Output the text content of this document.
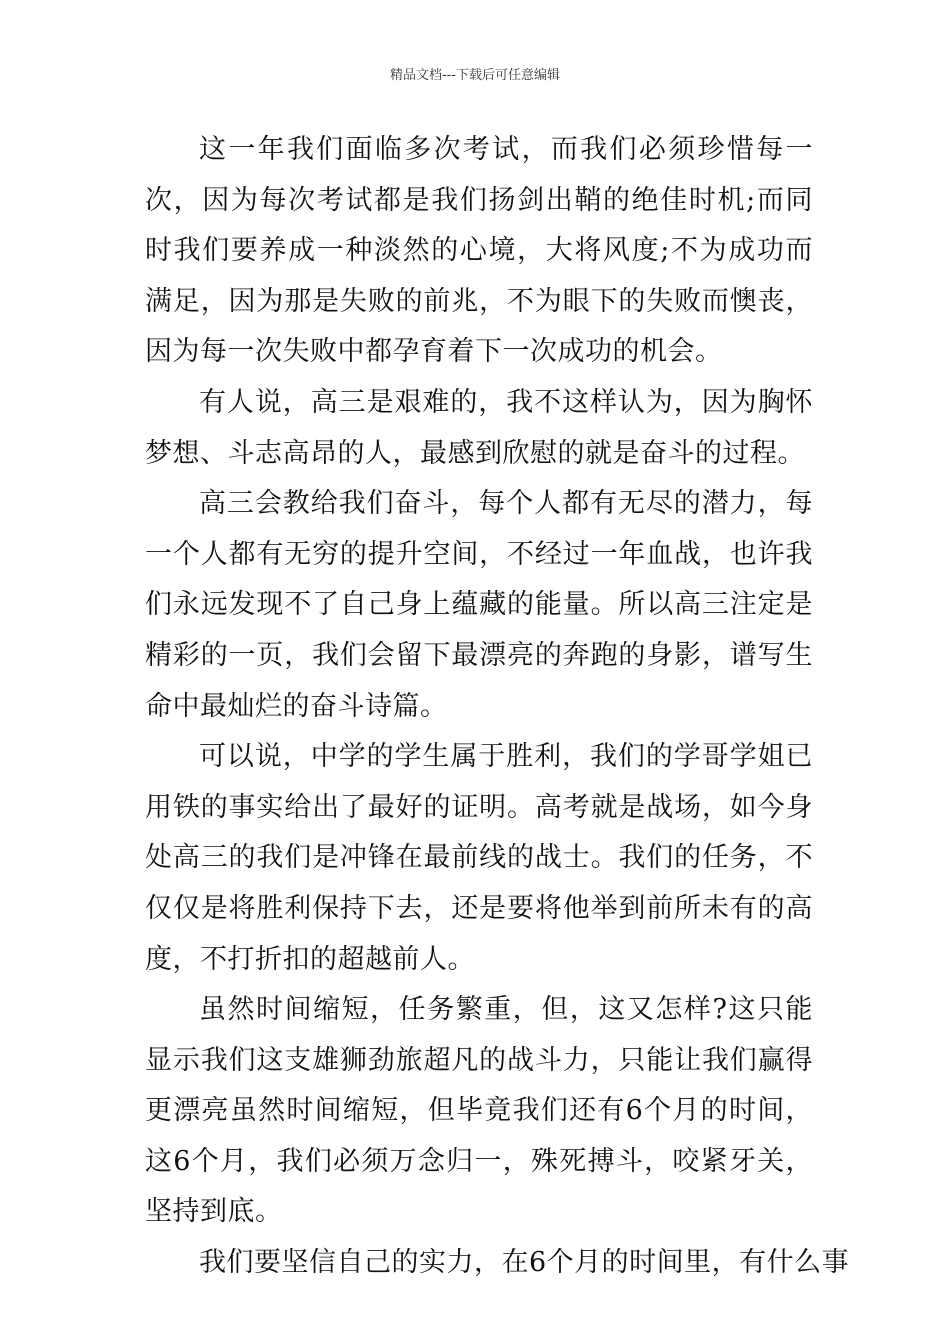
精品文档---下载后可任意编辑

这一年我们面临多次考试，而我们必须珍惜每一次，因为每次考试都是我们扬剑出鞘的绝佳时机;而同时我们要养成一种淡然的心境，大将风度;不为成功而满足，因为那是失败的前兆，不为眼下的失败而懊丧，因为每一次失败中都孕育着下一次成功的机会。

有人说，高三是艰难的，我不这样认为，因为胸怀梦想、斗志高昂的人，最感到欣慰的就是奋斗的过程。

高三会教给我们奋斗，每个人都有无尽的潜力，每一个人都有无穷的提升空间，不经过一年血战，也许我们永远发现不了自己身上蕴藏的能量。所以高三注定是精彩的一页，我们会留下最漂亮的奔跑的身影，谱写生命中最灿烂的奋斗诗篇。

可以说，中学的学生属于胜利，我们的学哥学姐已用铁的事实给出了最好的证明。高考就是战场，如今身处高三的我们是冲锋在最前线的战士。我们的任务，不仅仅是将胜利保持下去，还是要将他举到前所未有的高度，不打折扣的超越前人。

虽然时间缩短，任务繁重，但，这又怎样?这只能显示我们这支雄狮劲旅超凡的战斗力，只能让我们赢得更漂亮虽然时间缩短，但毕竟我们还有6个月的时间，这6个月，我们必须万念归一，殊死搏斗，咬紧牙关，坚持到底。

我们要坚信自己的实力，在6个月的时间里，有什么事
